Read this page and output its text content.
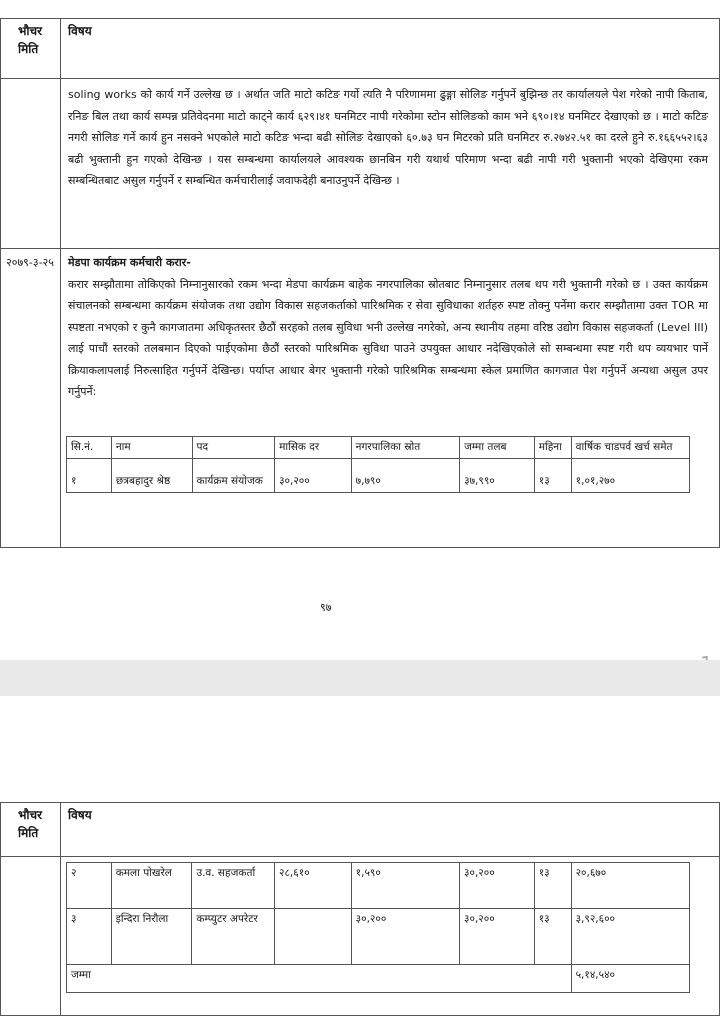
भौचर मिति
विषय
soling works को कार्य गर्ने उल्लेख छ । अर्थात जति माटो कटिङ गर्यो त्यति नै परिणाममा ढुङ्गा सोलिङ गर्नुपर्ने बुझिन्छ तर कार्यालयले पेश गरेको नापी किताब, रनिङ बिल तथा कार्य सम्पन्न प्रतिवेदनमा माटो काट्ने कार्य ६२९।४१ घनमिटर नापी गरेकोमा स्टोन सोलिङको काम भने ६९०।१४ घनमिटर देखाएको छ । माटो कटिङ नगरी सोलिङ गर्ने कार्य हुन नसक्ने भएकोले माटो कटिङ भन्दा बढी सोलिङ देखाएको ६०.७३ घन मिटरको प्रति घनमिटर रु.२७४२.५१ का दरले हुने रु.१६६५५२।६३ बढी भुक्तानी हुन गएको देखिन्छ । यस सम्बन्धमा कार्यालयले आवश्यक छानबिन गरी यथार्थ परिमाण भन्दा बढी नापी गरी भुक्तानी भएको देखिएमा रकम सम्बन्धितबाट असुल गर्नुपर्ने र सम्बन्धित कर्मचारीलाई जवाफदेही बनाउनुपर्ने देखिन्छ ।
२०७९-३-२५	मेडपा कार्यक्रम कर्मचारी करार-
करार सम्झौतामा तोकिएको निम्नानुसारको रकम भन्दा मेडपा कार्यक्रम बाहेक नगरपालिका स्रोतबाट निम्नानुसार तलब थप गरी भुक्तानी गरेको छ । उक्त कार्यक्रम संचालनको सम्बन्धमा कार्यक्रम संयोजक तथा उद्योग विकास सहजकर्ताको पारिश्रमिक र सेवा सुविधाका शर्तहरु स्पष्ट तोक्नु पर्नेमा करार सम्झौतामा उक्त TOR मा स्पष्टता नभएको र कुनै कागजातमा अधिकृतस्तर छैठौं सरहको तलब सुविधा भनी उल्लेख नगरेको, अन्य स्थानीय तहमा वरिष्ठ उद्योग विकास सहजकर्ता (Level III) लाई पाचौं स्तरको तलबमान दिएको पाईएकोमा छैठौं स्तरको पारिश्रमिक सुविधा पाउने उपयुक्त आधार नदेखिएकोले सो सम्बन्धमा स्पष्ट गरी थप व्ययभार पार्ने क्रियाकलापलाई निरुत्साहित गर्नुपर्ने देखिन्छ। पर्याप्त आधार बेगर भुक्तानी गरेको पारिश्रमिक सम्बन्धमा स्केल प्रमाणित कागजात पेश गर्नुपर्ने अन्यथा असुल उपर गर्नुपर्ने:
सि.नं.	नाम	पद	मासिक दर	नगरपालिका स्रोत	जम्मा तलब	महिना	वार्षिक चाडपर्व खर्च समेत
१	छत्रबहादुर श्रेष्ठ	कार्यक्रम संयोजक	३०,२००	७,७९०	३७,९९०	१३	१,०१,२७०
९७
भौचर मिति
विषय
२	कमला पोखरेल	उ.व. सहजकर्ता	२८,६१०	१,५९०	३०,२००	१३	२०,६७०
३	इन्दिरा निरौला	कम्प्युटर अपरेटर		३०,२००	३०,२००	१३	३,९२,६००
जम्मा							५,१४,५४०
